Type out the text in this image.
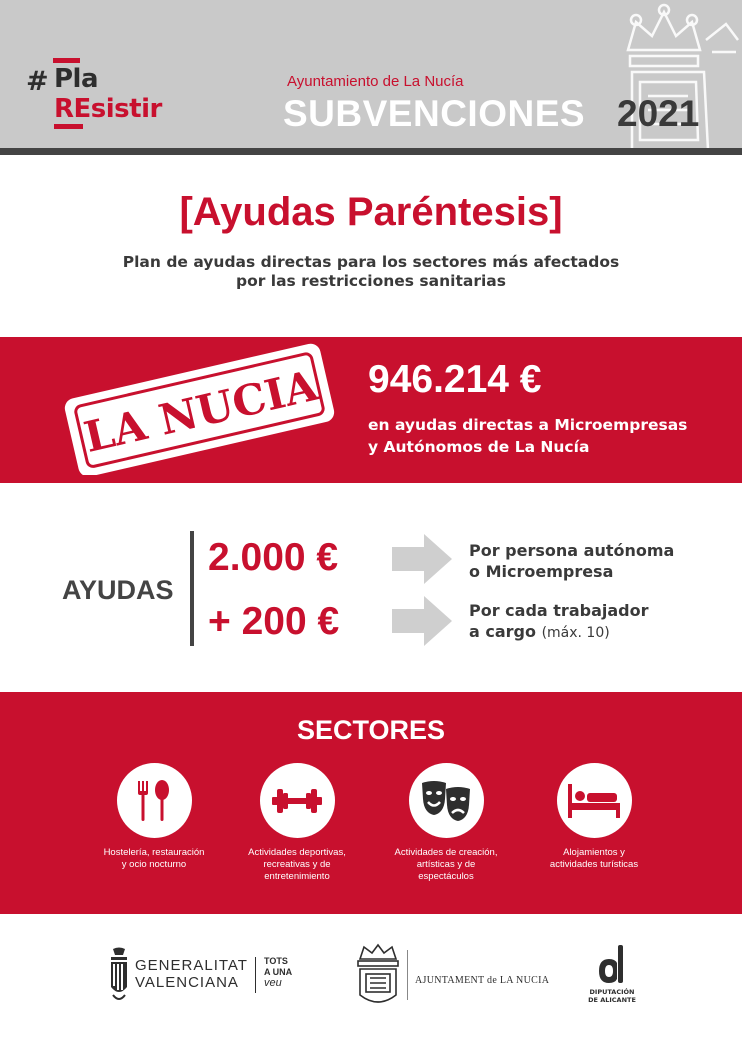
# Pla
REsistir
Ayuntamiento de La Nucía
SUBVENCIONES 2021
[Ayudas Paréntesis]
Plan de ayudas directas para los sectores más afectados
por las restricciones sanitarias
LA NUCIA 946.214 €
en ayudas directas a Microempresas
y Autónomos de La Nucía
AYUDAS
2.000 €
+ 200 €
Por persona autónoma
o Microempresa
Por cada trabajador
a cargo (máx. 10)
SECTORES
Hostelería, restauración
y ocio nocturno
Actividades deportivas,
recreativas y de
entretenimiento
Actividades de creación,
artísticas y de
espectáculos
Alojamientos y
actividades turísticas
GENERALITAT
VALENCIANA
TOTS
A UNA
veu	AJUNTAMENT de LA NUCIA
DIPUTACIÓN
DE ALICANTE
